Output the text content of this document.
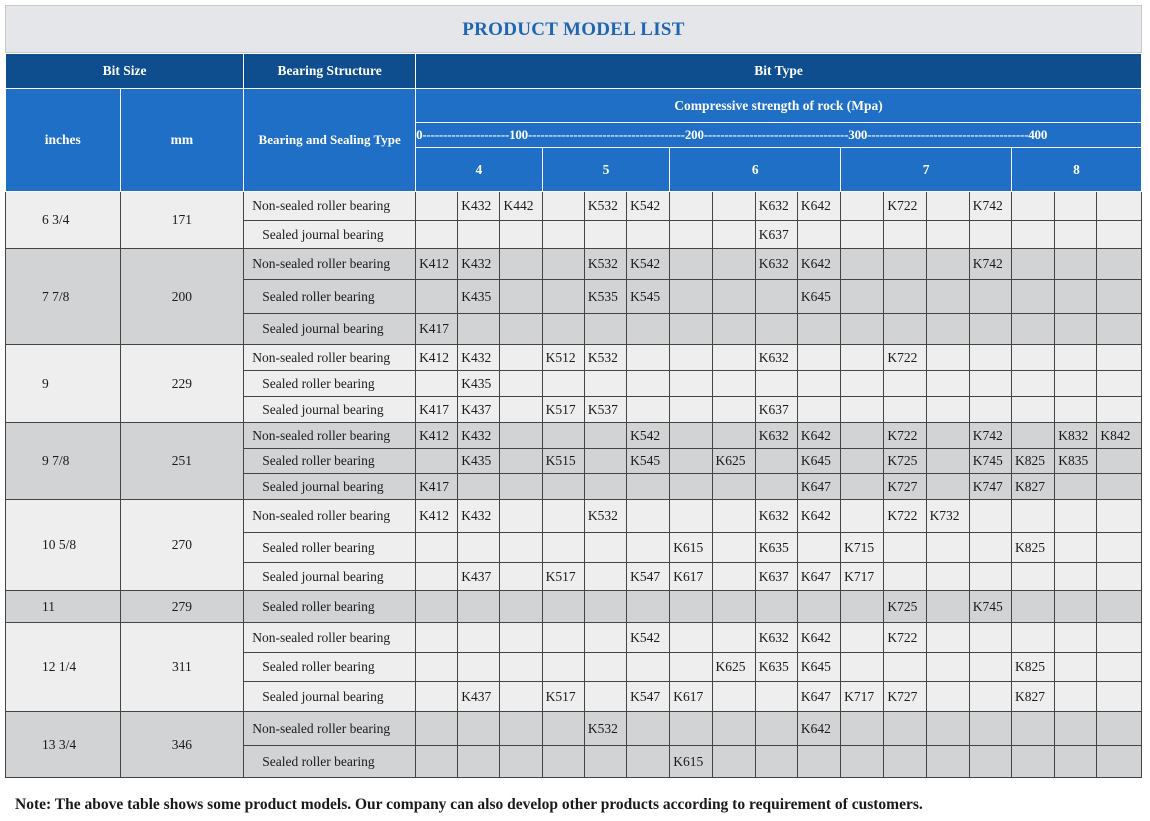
PRODUCT MODEL LIST
Bit Size		Bearing Structure	Bit Type																
inches	mm	Bearing and Sealing Type	Compressive strength of rock (Mpa)																
			0---------------------100--------------------------------------200-----------------------------------300---------------------------------------400																
			4			5			6				7				8		
6 3/4	171	Non-sealed roller bearing		K432	K442		K532	K542			K632	K642		K722		K742			
		Sealed journal bearing									K637								
7 7/8	200	Non-sealed roller bearing	K412	K432			K532	K542			K632	K642				K742			
		Sealed roller bearing		K435			K535	K545				K645							
		Sealed journal bearing	K417																
9	229	Non-sealed roller bearing	K412	K432		K512	K532				K632			K722					
		Sealed roller bearing		K435															
		Sealed journal bearing	K417	K437		K517	K537				K637								
9 7/8	251	Non-sealed roller bearing	K412	K432				K542			K632	K642		K722		K742		K832	K842
		Sealed roller bearing		K435		K515		K545		K625		K645		K725		K745	K825	K835	
		Sealed journal bearing	K417									K647		K727		K747	K827		
10 5/8	270	Non-sealed roller bearing	K412	K432			K532				K632	K642		K722	K732				
		Sealed roller bearing							K615		K635		K715				K825		
		Sealed journal bearing		K437		K517		K547	K617		K637	K647	K717						
11	279	Sealed roller bearing												K725		K745			
12 1/4	311	Non-sealed roller bearing						K542			K632	K642		K722					
		Sealed roller bearing								K625	K635	K645					K825		
		Sealed journal bearing		K437		K517		K547	K617			K647	K717	K727			K827		
13 3/4	346	Non-sealed roller bearing					K532					K642							
		Sealed roller bearing							K615										
Note: The above table shows some product models. Our company can also develop other products according to requirement of customers.
